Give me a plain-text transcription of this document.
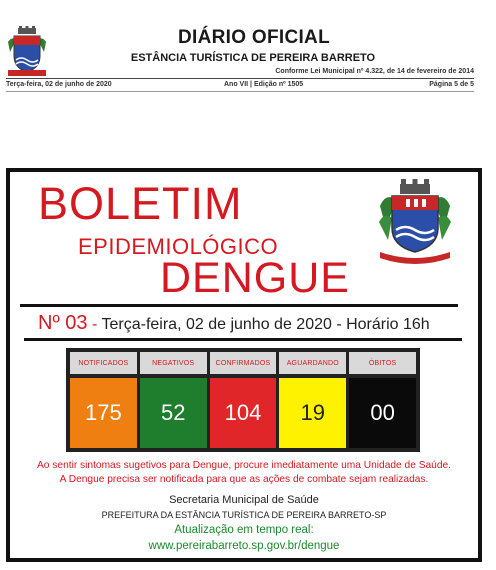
DIÁRIO OFICIAL
ESTÂNCIA TURÍSTICA DE PEREIRA BARRETO
Conforme Lei Municipal nº 4.322, de 14 de fevereiro de 2014
Terça-feira, 02 de junho de 2020	Ano VII | Edição nº 1505	Página 5 de 5
BOLETIM
EPIDEMIOLÓGICO
DENGUE
Nº 03 - Terça-feira, 02 de junho de 2020 - Horário 16h
NOTIFICADOS
175
NEGATIVOS
52
CONFIRMADOS
104
AGUARDANDO
19
ÓBITOS
00
Ao sentir sintomas sugetivos para Dengue, procure imediatamente uma Unidade de Saúde.
A Dengue precisa ser notificada para que as ações de combate sejam realizadas.
Secretaria Municipal de Saúde
PREFEITURA DA ESTÂNCIA TURÍSTICA DE PEREIRA BARRETO-SP
Atualização em tempo real:
www.pereirabarreto.sp.gov.br/dengue
